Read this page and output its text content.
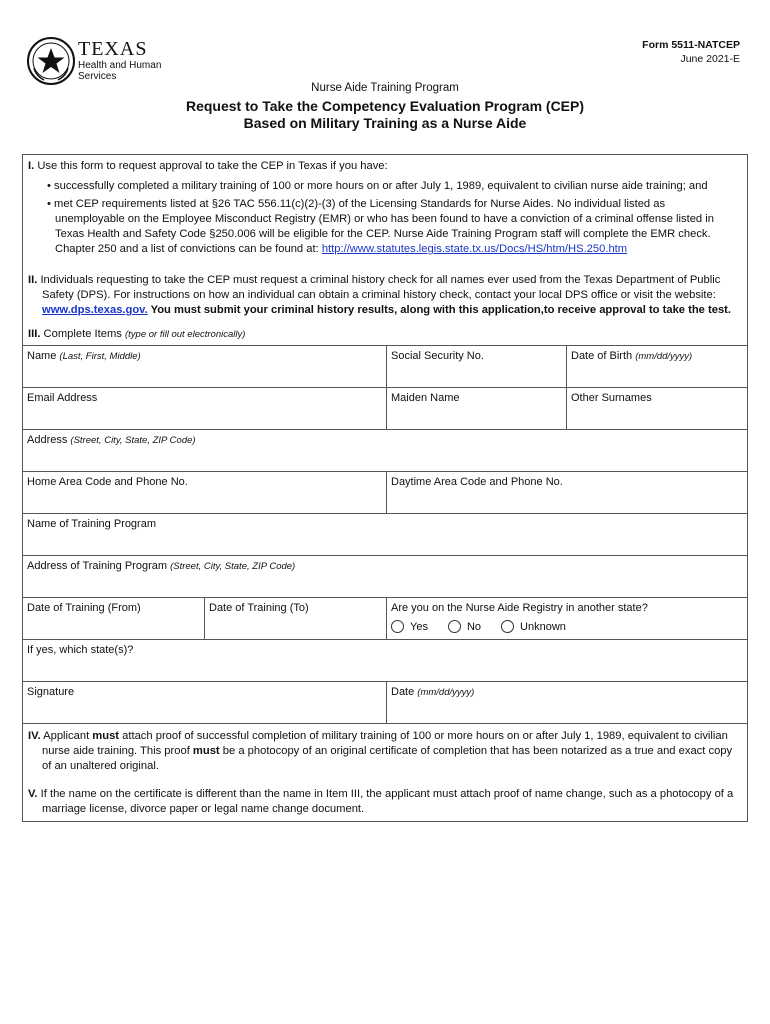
TEXAS
Health and Human
Services
Form 5511-NATCEP
June 2021-E
Nurse Aide Training Program
Request to Take the Competency Evaluation Program (CEP)
Based on Military Training as a Nurse Aide
I. Use this form to request approval to take the CEP in Texas if you have:
• successfully completed a military training of 100 or more hours on or after July 1, 1989, equivalent to civilian nurse aide training; and
• met CEP requirements listed at §26 TAC 556.11(c)(2)-(3) of the Licensing Standards for Nurse Aides. No individual listed as
unemployable on the Employee Misconduct Registry (EMR) or who has been found to have a conviction of a criminal offense listed in
Texas Health and Safety Code §250.006 will be eligible for the CEP. Nurse Aide Training Program staff will complete the EMR check.
Chapter 250 and a list of convictions can be found at: http://www.statutes.legis.state.tx.us/Docs/HS/htm/HS.250.htm
II. Individuals requesting to take the CEP must request a criminal history check for all names ever used from the Texas Department of Public
Safety (DPS). For instructions on how an individual can obtain a criminal history check, contact your local DPS office or visit the website:
www.dps.texas.gov. You must submit your criminal history results, along with this application,to receive approval to take the test.
III. Complete Items (type or fill out electronically)
Name (Last, First, Middle)	Social Security No.	Date of Birth (mm/dd/yyyy)
Email Address	Maiden Name	Other Surnames
Address (Street, City, State, ZIP Code)
Home Area Code and Phone No.	Daytime Area Code and Phone No.
Name of Training Program
Address of Training Program (Street, City, State, ZIP Code)
Date of Training (From)	Date of Training (To)	Are you on the Nurse Aide Registry in another state?
Yes	No	Unknown
If yes, which state(s)?
Signature	Date (mm/dd/yyyy)
IV. Applicant must attach proof of successful completion of military training of 100 or more hours on or after July 1, 1989, equivalent to civilian
nurse aide training. This proof must be a photocopy of an original certificate of completion that has been notarized as a true and exact copy
of an unaltered original.
V. If the name on the certificate is different than the name in Item III, the applicant must attach proof of name change, such as a photocopy of a
marriage license, divorce paper or legal name change document.
